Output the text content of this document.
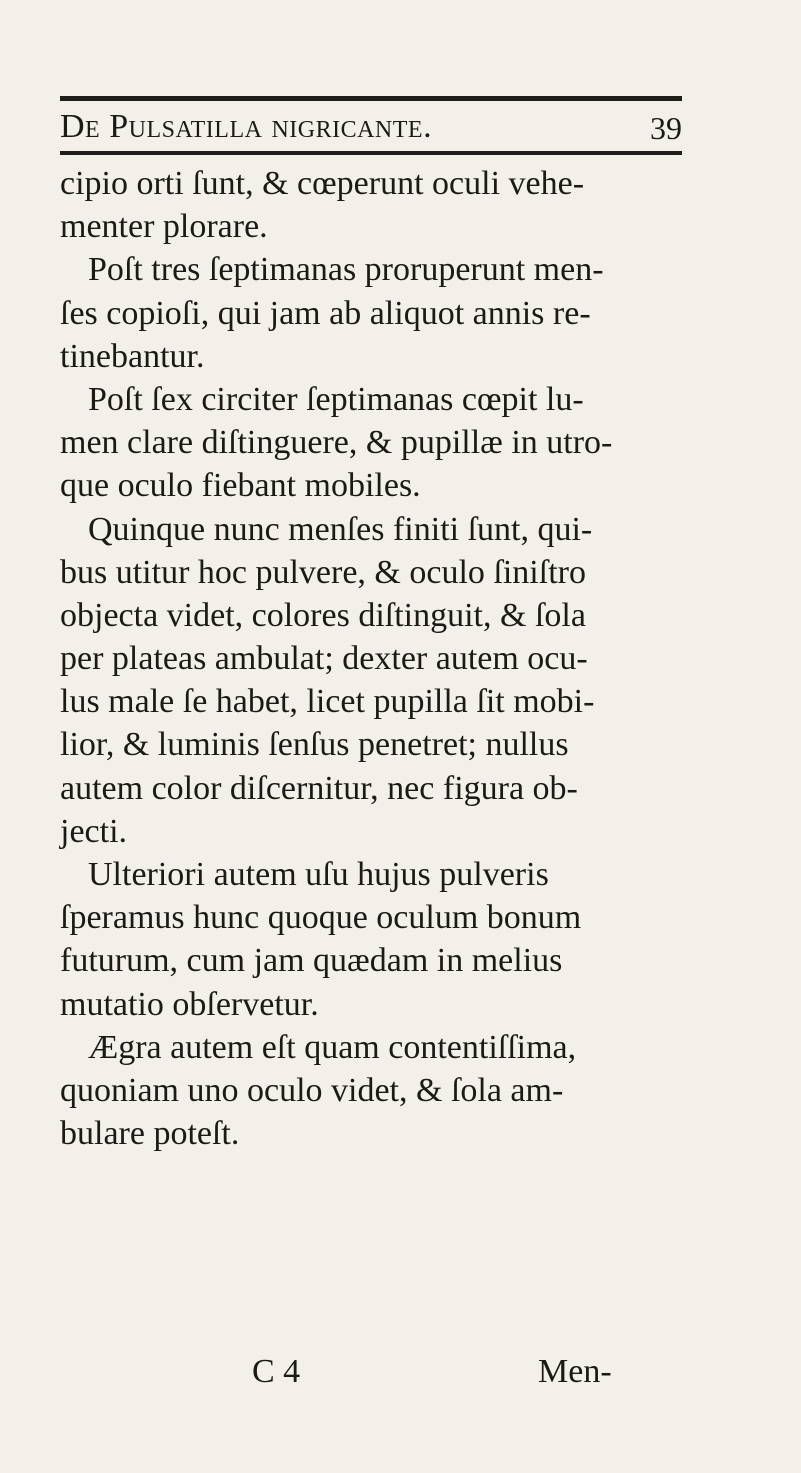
De Pulsatilla nigricante.	39
cipio orti ſunt, & cœperunt oculi vehe-
menter plorare.
Poſt tres ſeptimanas proruperunt men-
ſes copioſi, qui jam ab aliquot annis re-
tinebantur.
Poſt ſex circiter ſeptimanas cœpit lu-
men clare diſtinguere, & pupillæ in utro-
que oculo fiebant mobiles.
Quinque nunc menſes finiti ſunt, qui-
bus utitur hoc pulvere, & oculo ſiniſtro
objecta videt, colores diſtinguit, & ſola
per plateas ambulat; dexter autem ocu-
lus male ſe habet, licet pupilla ſit mobi-
lior, & luminis ſenſus penetret; nullus
autem color diſcernitur, nec figura ob-
jecti.
Ulteriori autem uſu hujus pulveris
ſperamus hunc quoque oculum bonum
futurum, cum jam quædam in melius
mutatio obſervetur.
Ægra autem eſt quam contentiſſima,
quoniam uno oculo videt, & ſola am-
bulare poteſt.
C 4	Men-
